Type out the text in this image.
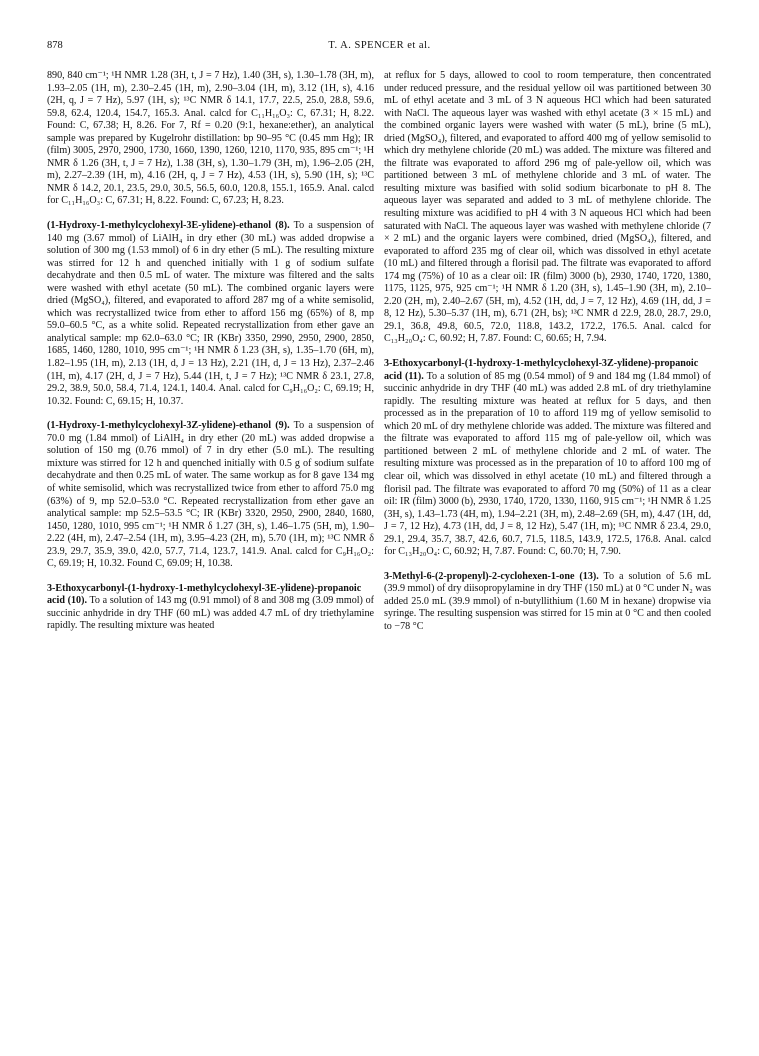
878	T. A. SPENCER et al.

890, 840 cm⁻¹; ¹H NMR 1.28 (3H, t, J = 7 Hz), 1.40 (3H, s), 1.30–1.78 (3H, m), 1.93–2.05 (1H, m), 2.30–2.45 (1H, m), 2.90–3.04 (1H, m), 3.12 (1H, s), 4.16 (2H, q, J = 7 Hz), 5.97 (1H, s); ¹³C NMR δ 14.1, 17.7, 22.5, 25.0, 28.8, 59.6, 59.8, 62.4, 120.4, 154.7, 165.3. Anal. calcd for C₁₁H₁₆O₃: C, 67.31; H, 8.22. Found: C, 67.38; H, 8.26. For 7, Rf = 0.20 (9:1, hexane:ether), an analytical sample was prepared by Kugelrohr distillation: bp 90–95 °C (0.45 mm Hg); IR (film) 3005, 2970, 2900, 1730, 1660, 1390, 1260, 1210, 1170, 935, 895 cm⁻¹; ¹H NMR δ 1.26 (3H, t, J = 7 Hz), 1.38 (3H, s), 1.30–1.79 (3H, m), 1.96–2.05 (2H, m), 2.27–2.39 (1H, m), 4.16 (2H, q, J = 7 Hz), 4.53 (1H, s), 5.90 (1H, s); ¹³C NMR δ 14.2, 20.1, 23.5, 29.0, 30.5, 56.5, 60.0, 120.8, 155.1, 165.9. Anal. calcd for C₁₁H₁₆O₃: C, 67.31; H, 8.22. Found: C, 67.23; H, 8.23.

(1-Hydroxy-1-methylcyclohexyl-3E-ylidene)-ethanol (8). To a suspension of 140 mg (3.67 mmol) of LiAlH₄ in dry ether (30 mL) was added dropwise a solution of 300 mg (1.53 mmol) of 6 in dry ether (5 mL). The resulting mixture was stirred for 12 h and quenched initially with 1 g of sodium sulfate decahydrate and then 0.5 mL of water. The mixture was filtered and the salts were washed with ethyl acetate (50 mL). The combined organic layers were dried (MgSO₄), filtered, and evaporated to afford 287 mg of a white semisolid, which was recrystallized twice from ether to afford 156 mg (65%) of 8, mp 59.0–60.5 °C, as a white solid. Repeated recrystallization from ether gave an analytical sample: mp 62.0–63.0 °C; IR (KBr) 3350, 2990, 2950, 2900, 2850, 1685, 1460, 1280, 1010, 995 cm⁻¹; ¹H NMR δ 1.23 (3H, s), 1.35–1.70 (6H, m), 1.82–1.95 (1H, m), 2.13 (1H, d, J = 13 Hz), 2.21 (1H, d, J = 13 Hz), 2.37–2.46 (1H, m), 4.17 (2H, d, J = 7 Hz), 5.44 (1H, t, J = 7 Hz); ¹³C NMR δ 23.1, 27.8, 29.2, 38.9, 50.0, 58.4, 71.4, 124.1, 140.4. Anal. calcd for C₉H₁₆O₂: C, 69.19; H, 10.32. Found: C, 69.15; H, 10.37.

(1-Hydroxy-1-methylcyclohexyl-3Z-ylidene)-ethanol (9). To a suspension of 70.0 mg (1.84 mmol) of LiAlH₄ in dry ether (20 mL) was added dropwise a solution of 150 mg (0.76 mmol) of 7 in dry ether (5.0 mL). The resulting mixture was stirred for 12 h and quenched initially with 0.5 g of sodium sulfate decahydrate and then 0.25 mL of water. The same workup as for 8 gave 134 mg of white semisolid, which was recrystallized twice from ether to afford 75.0 mg (63%) of 9, mp 52.0–53.0 °C. Repeated recrystallization from ether gave an analytical sample: mp 52.5–53.5 °C; IR (KBr) 3320, 2950, 2900, 2840, 1680, 1450, 1280, 1010, 995 cm⁻¹; ¹H NMR δ 1.27 (3H, s), 1.46–1.75 (5H, m), 1.90–2.22 (4H, m), 2.47–2.54 (1H, m), 3.95–4.23 (2H, m), 5.70 (1H, m); ¹³C NMR δ 23.9, 29.7, 35.9, 39.0, 42.0, 57.7, 71.4, 123.7, 141.9. Anal. calcd for C₉H₁₆O₂: C, 69.19; H, 10.32. Found C, 69.09; H, 10.38.

3-Ethoxycarbonyl-(1-hydroxy-1-methylcyclohexyl-3E-ylidene)-propanoic acid (10). To a solution of 143 mg (0.91 mmol) of 8 and 308 mg (3.09 mmol) of succinic anhydride in dry THF (60 mL) was added 4.7 mL of dry triethylamine rapidly. The resulting mixture was heated

at reflux for 5 days, allowed to cool to room temperature, then concentrated under reduced pressure, and the residual yellow oil was partitioned between 30 mL of ethyl acetate and 3 mL of 3 N aqueous HCl which had been saturated with NaCl. The aqueous layer was washed with ethyl acetate (3 × 15 mL) and the combined organic layers were washed with water (5 mL), brine (5 mL), dried (MgSO₄), filtered, and evaporated to afford 400 mg of yellow semisolid to which dry methylene chloride (20 mL) was added. The mixture was filtered and the filtrate was evaporated to afford 296 mg of pale-yellow oil, which was partitioned between 3 mL of methylene chloride and 3 mL of water. The resulting mixture was basified with solid sodium bicarbonate to pH 8. The aqueous layer was separated and added to 3 mL of methylene chloride. The resulting mixture was acidified to pH 4 with 3 N aqueous HCl which had been saturated with NaCl. The aqueous layer was washed with methylene chloride (7 × 2 mL) and the organic layers were combined, dried (MgSO₄), filtered, and evaporated to afford 235 mg of clear oil, which was dissolved in ethyl acetate (10 mL) and filtered through a florisil pad. The filtrate was evaporated to afford 174 mg (75%) of 10 as a clear oil: IR (film) 3000 (b), 2930, 1740, 1720, 1380, 1175, 1125, 975, 925 cm⁻¹; ¹H NMR δ 1.20 (3H, s), 1.45–1.90 (3H, m), 2.10–2.20 (2H, m), 2.40–2.67 (5H, m), 4.52 (1H, dd, J = 7, 12 Hz), 4.69 (1H, dd, J = 8, 12 Hz), 5.30–5.37 (1H, m), 6.71 (2H, bs); ¹³C NMR d 22.9, 28.0, 28.7, 29.0, 29.1, 36.8, 49.8, 60.5, 72.0, 118.8, 143.2, 172.2, 176.5. Anal. calcd for C₁₃H₂₀O₄: C, 60.92; H, 7.87. Found: C, 60.65; H, 7.94.

3-Ethoxycarbonyl-(1-hydroxy-1-methylcyclohexyl-3Z-ylidene)-propanoic acid (11). To a solution of 85 mg (0.54 mmol) of 9 and 184 mg (1.84 mmol) of succinic anhydride in dry THF (40 mL) was added 2.8 mL of dry triethylamine rapidly. The resulting mixture was heated at reflux for 5 days, and then processed as in the preparation of 10 to afford 119 mg of yellow semisolid to which 20 mL of dry methylene chloride was added. The mixture was filtered and the filtrate was evaporated to afford 115 mg of pale-yellow oil, which was partitioned between 2 mL of methylene chloride and 2 mL of water. The resulting mixture was processed as in the preparation of 10 to afford 100 mg of clear oil, which was dissolved in ethyl acetate (10 mL) and filtered through a florisil pad. The filtrate was evaporated to afford 70 mg (50%) of 11 as a clear oil: IR (film) 3000 (b), 2930, 1740, 1720, 1330, 1160, 915 cm⁻¹; ¹H NMR δ 1.25 (3H, s), 1.43–1.73 (4H, m), 1.94–2.21 (3H, m), 2.48–2.69 (5H, m), 4.47 (1H, dd, J = 7, 12 Hz), 4.73 (1H, dd, J = 8, 12 Hz), 5.47 (1H, m); ¹³C NMR δ 23.4, 29.0, 29.1, 29.4, 35.7, 38.7, 42.6, 60.7, 71.5, 118.5, 143.9, 172.5, 176.8. Anal. calcd for C₁₃H₂₀O₄: C, 60.92; H, 7.87. Found: C, 60.70; H, 7.90.

3-Methyl-6-(2-propenyl)-2-cyclohexen-1-one (13). To a solution of 5.6 mL (39.9 mmol) of dry diisopropylamine in dry THF (150 mL) at 0 °C under N₂ was added 25.0 mL (39.9 mmol) of n-butyllithium (1.60 M in hexane) dropwise via syringe. The resulting suspension was stirred for 15 min at 0 °C and then cooled to −78 °C
